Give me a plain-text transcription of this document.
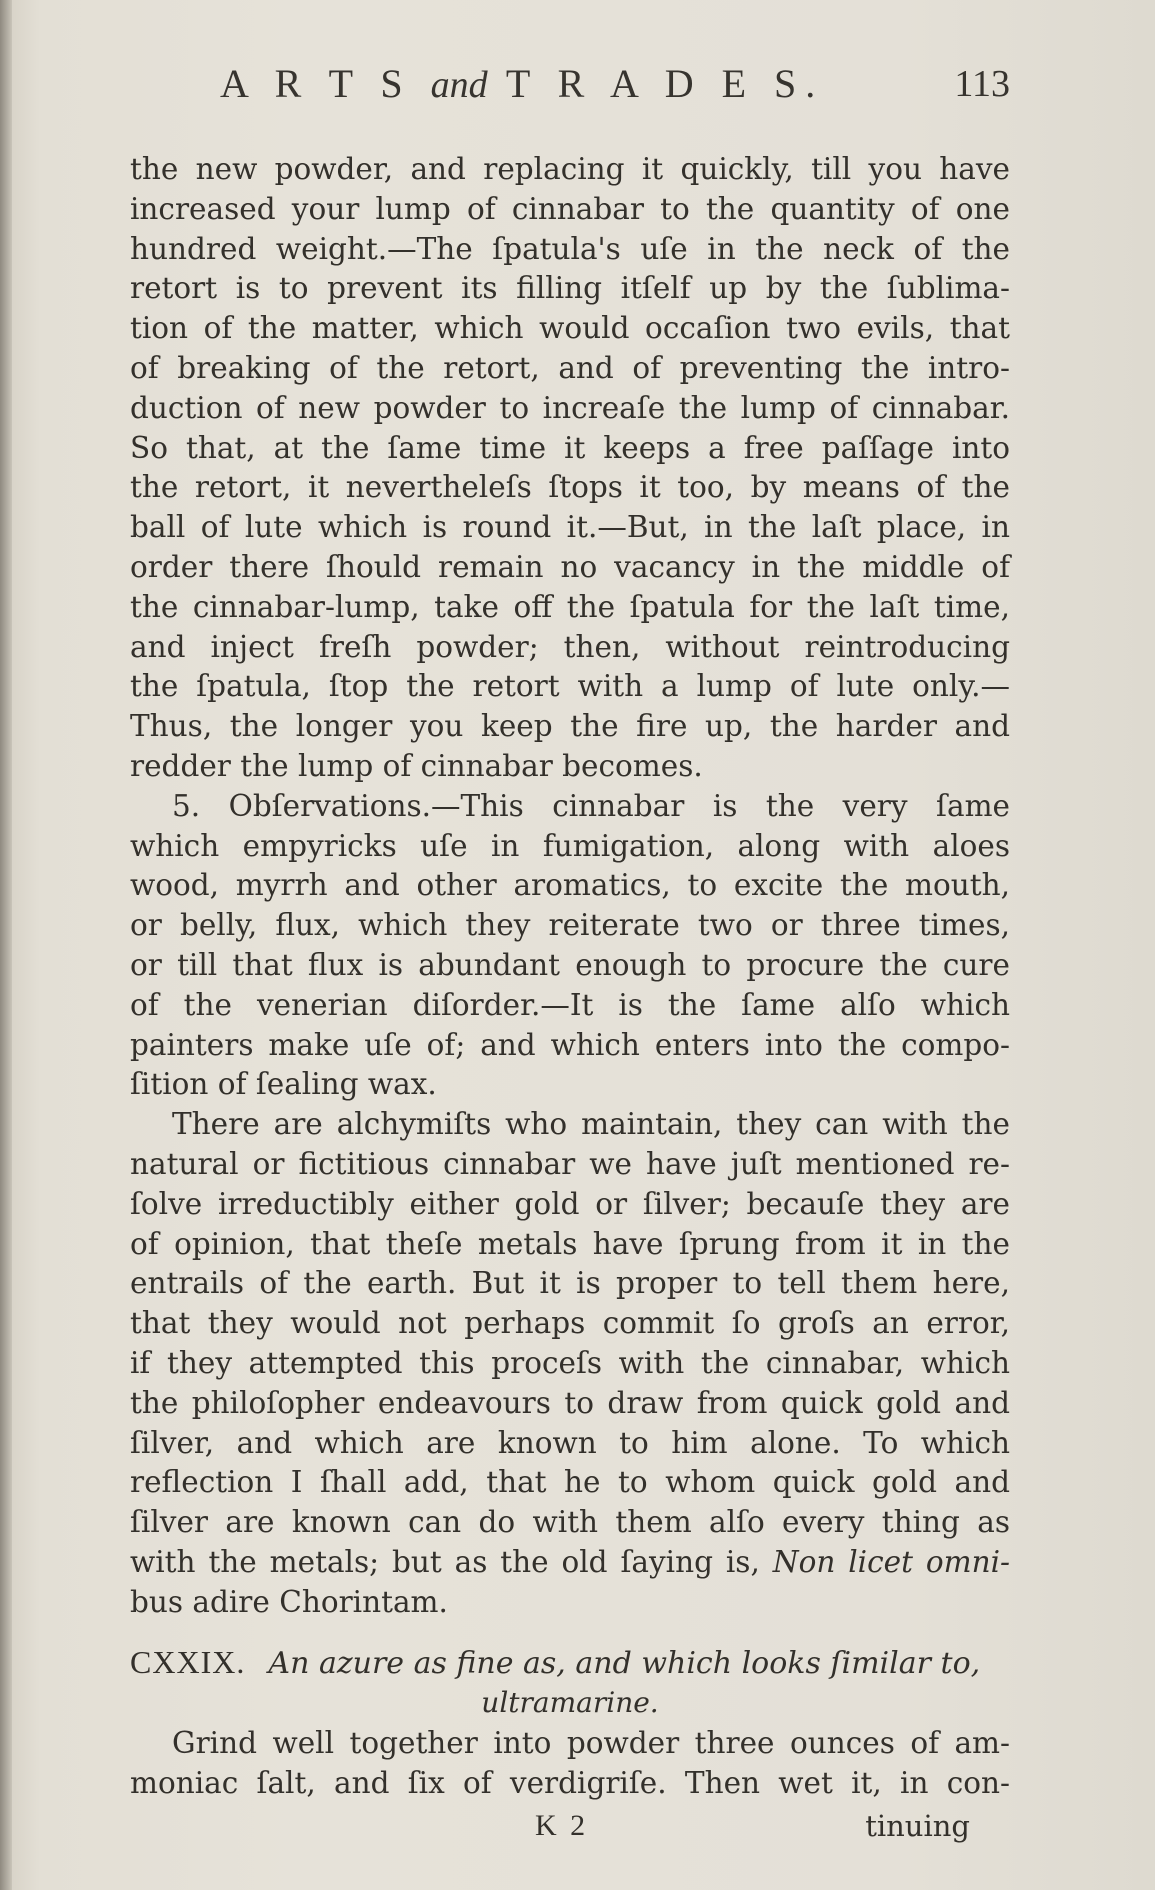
A R T S and T R A D E S.	113
the new powder, and replacing it quickly, till you have
increased your lump of cinnabar to the quantity of one
hundred weight.—The ſpatula's uſe in the neck of the
retort is to prevent its filling itſelf up by the ſublima-
tion of the matter, which would occaſion two evils, that
of breaking of the retort, and of preventing the intro-
duction of new powder to increaſe the lump of cinnabar.
So that, at the ſame time it keeps a free paſſage into
the retort, it nevertheleſs ſtops it too, by means of the
ball of lute which is round it.—But, in the laſt place, in
order there ſhould remain no vacancy in the middle of
the cinnabar-lump, take off the ſpatula for the laſt time,
and inject freſh powder; then, without reintroducing
the ſpatula, ſtop the retort with a lump of lute only.—
Thus, the longer you keep the fire up, the harder and
redder the lump of cinnabar becomes.
5. Obſervations.—This cinnabar is the very ſame
which empyricks uſe in fumigation, along with aloes
wood, myrrh and other aromatics, to excite the mouth,
or belly, flux, which they reiterate two or three times,
or till that flux is abundant enough to procure the cure
of the venerian diſorder.—It is the ſame alſo which
painters make uſe of; and which enters into the compo-
ſition of ſealing wax.
There are alchymiſts who maintain, they can with the
natural or fictitious cinnabar we have juſt mentioned re-
ſolve irreductibly either gold or ſilver; becauſe they are
of opinion, that theſe metals have ſprung from it in the
entrails of the earth. But it is proper to tell them here,
that they would not perhaps commit ſo groſs an error,
if they attempted this proceſs with the cinnabar, which
the philoſopher endeavours to draw from quick gold and
ſilver, and which are known to him alone. To which
reflection I ſhall add, that he to whom quick gold and
ſilver are known can do with them alſo every thing as
with the metals; but as the old ſaying is, Non licet omni-
bus adire Chorintam.
CXXIX. An azure as fine as, and which looks ſimilar to,
ultramarine.
Grind well together into powder three ounces of am-
moniac ſalt, and ſix of verdigriſe. Then wet it, in con-
K 2	tinuing
